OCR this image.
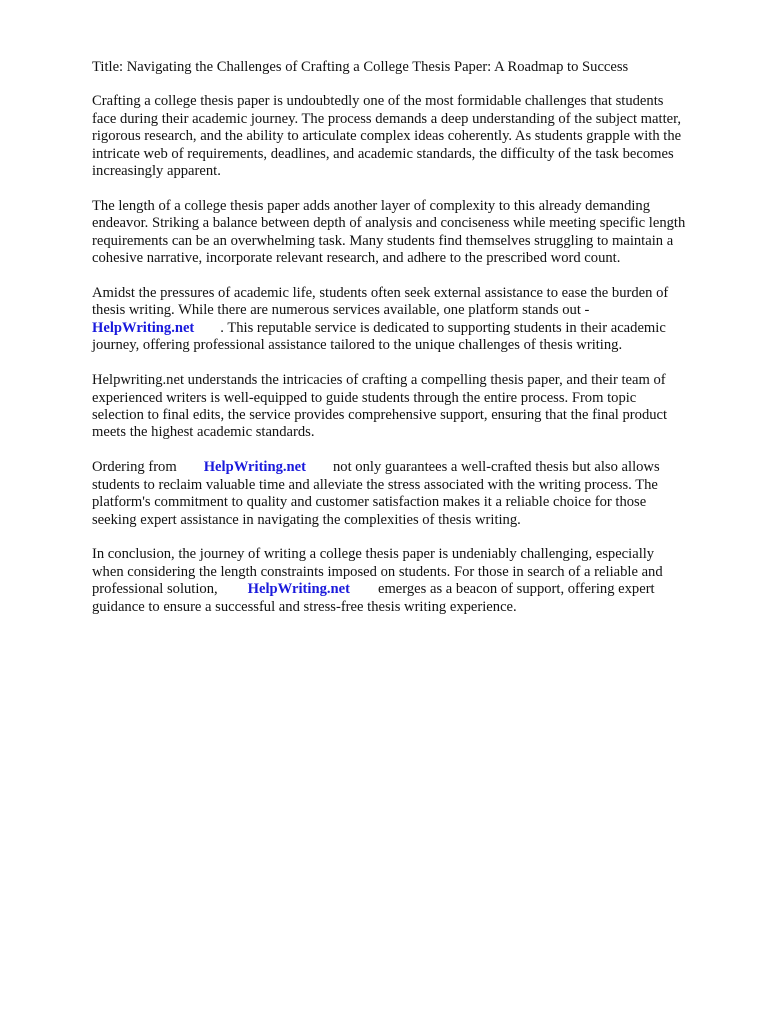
Title: Navigating the Challenges of Crafting a College Thesis Paper: A Roadmap to Success
Crafting a college thesis paper is undoubtedly one of the most formidable challenges that students
face during their academic journey. The process demands a deep understanding of the subject matter,
rigorous research, and the ability to articulate complex ideas coherently. As students grapple with the
intricate web of requirements, deadlines, and academic standards, the difficulty of the task becomes
increasingly apparent.
The length of a college thesis paper adds another layer of complexity to this already demanding
endeavor. Striking a balance between depth of analysis and conciseness while meeting specific length
requirements can be an overwhelming task. Many students find themselves struggling to maintain a
cohesive narrative, incorporate relevant research, and adhere to the prescribed word count.
Amidst the pressures of academic life, students often seek external assistance to ease the burden of
thesis writing. While there are numerous services available, one platform stands out -
HelpWriting.net . This reputable service is dedicated to supporting students in their academic
journey, offering professional assistance tailored to the unique challenges of thesis writing.
Helpwriting.net understands the intricacies of crafting a compelling thesis paper, and their team of
experienced writers is well-equipped to guide students through the entire process. From topic
selection to final edits, the service provides comprehensive support, ensuring that the final product
meets the highest academic standards.
Ordering from HelpWriting.net not only guarantees a well-crafted thesis but also allows
students to reclaim valuable time and alleviate the stress associated with the writing process. The
platform's commitment to quality and customer satisfaction makes it a reliable choice for those
seeking expert assistance in navigating the complexities of thesis writing.
In conclusion, the journey of writing a college thesis paper is undeniably challenging, especially
when considering the length constraints imposed on students. For those in search of a reliable and
professional solution, HelpWriting.net emerges as a beacon of support, offering expert
guidance to ensure a successful and stress-free thesis writing experience.
